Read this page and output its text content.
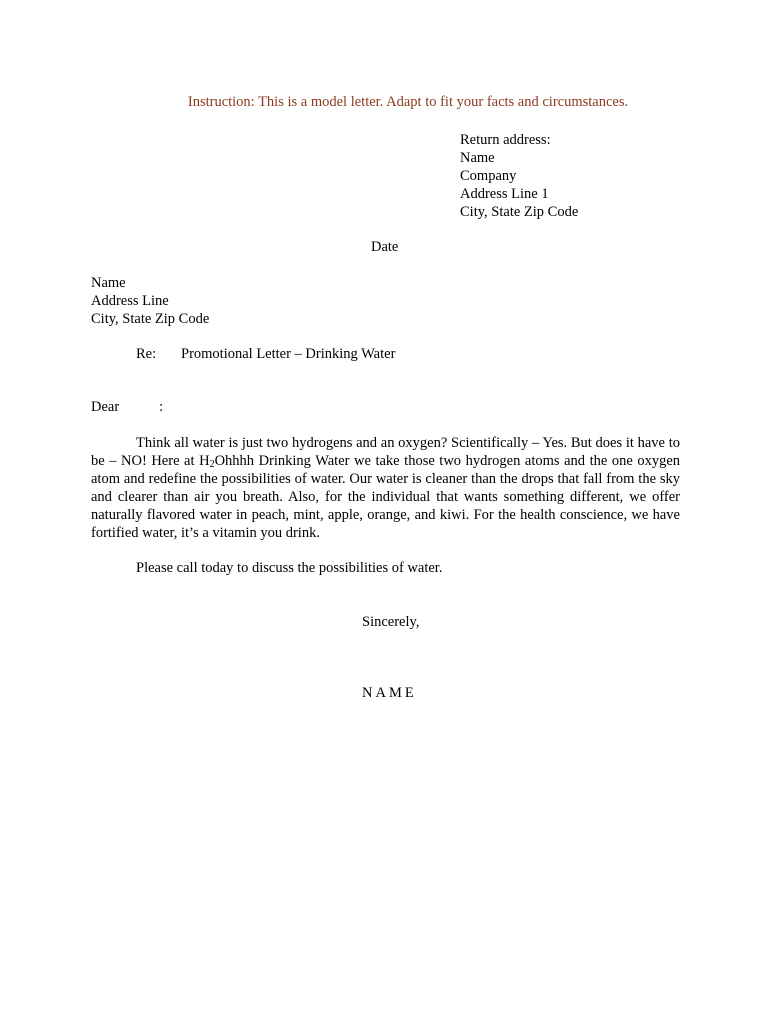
Instruction: This is a model letter. Adapt to fit your facts and circumstances.
Return address:
Name
Company
Address Line 1
City, State Zip Code
Date
Name
Address Line
City, State Zip Code
Re: Promotional Letter – Drinking Water
Dear	:
Think all water is just two hydrogens and an oxygen? Scientifically – Yes. But does it have to be – NO! Here at $H_2Ohhhh$ Drinking Water we take those two hydrogen atoms and the one oxygen atom and redefine the possibilities of water. Our water is cleaner than the drops that fall from the sky and clearer than air you breath. Also, for the individual that wants something different, we offer naturally flavored water in peach, mint, apple, orange, and kiwi. For the health conscience, we have fortified water, it’s a vitamin you drink.
Please call today to discuss the possibilities of water.
Sincerely,
NAME
